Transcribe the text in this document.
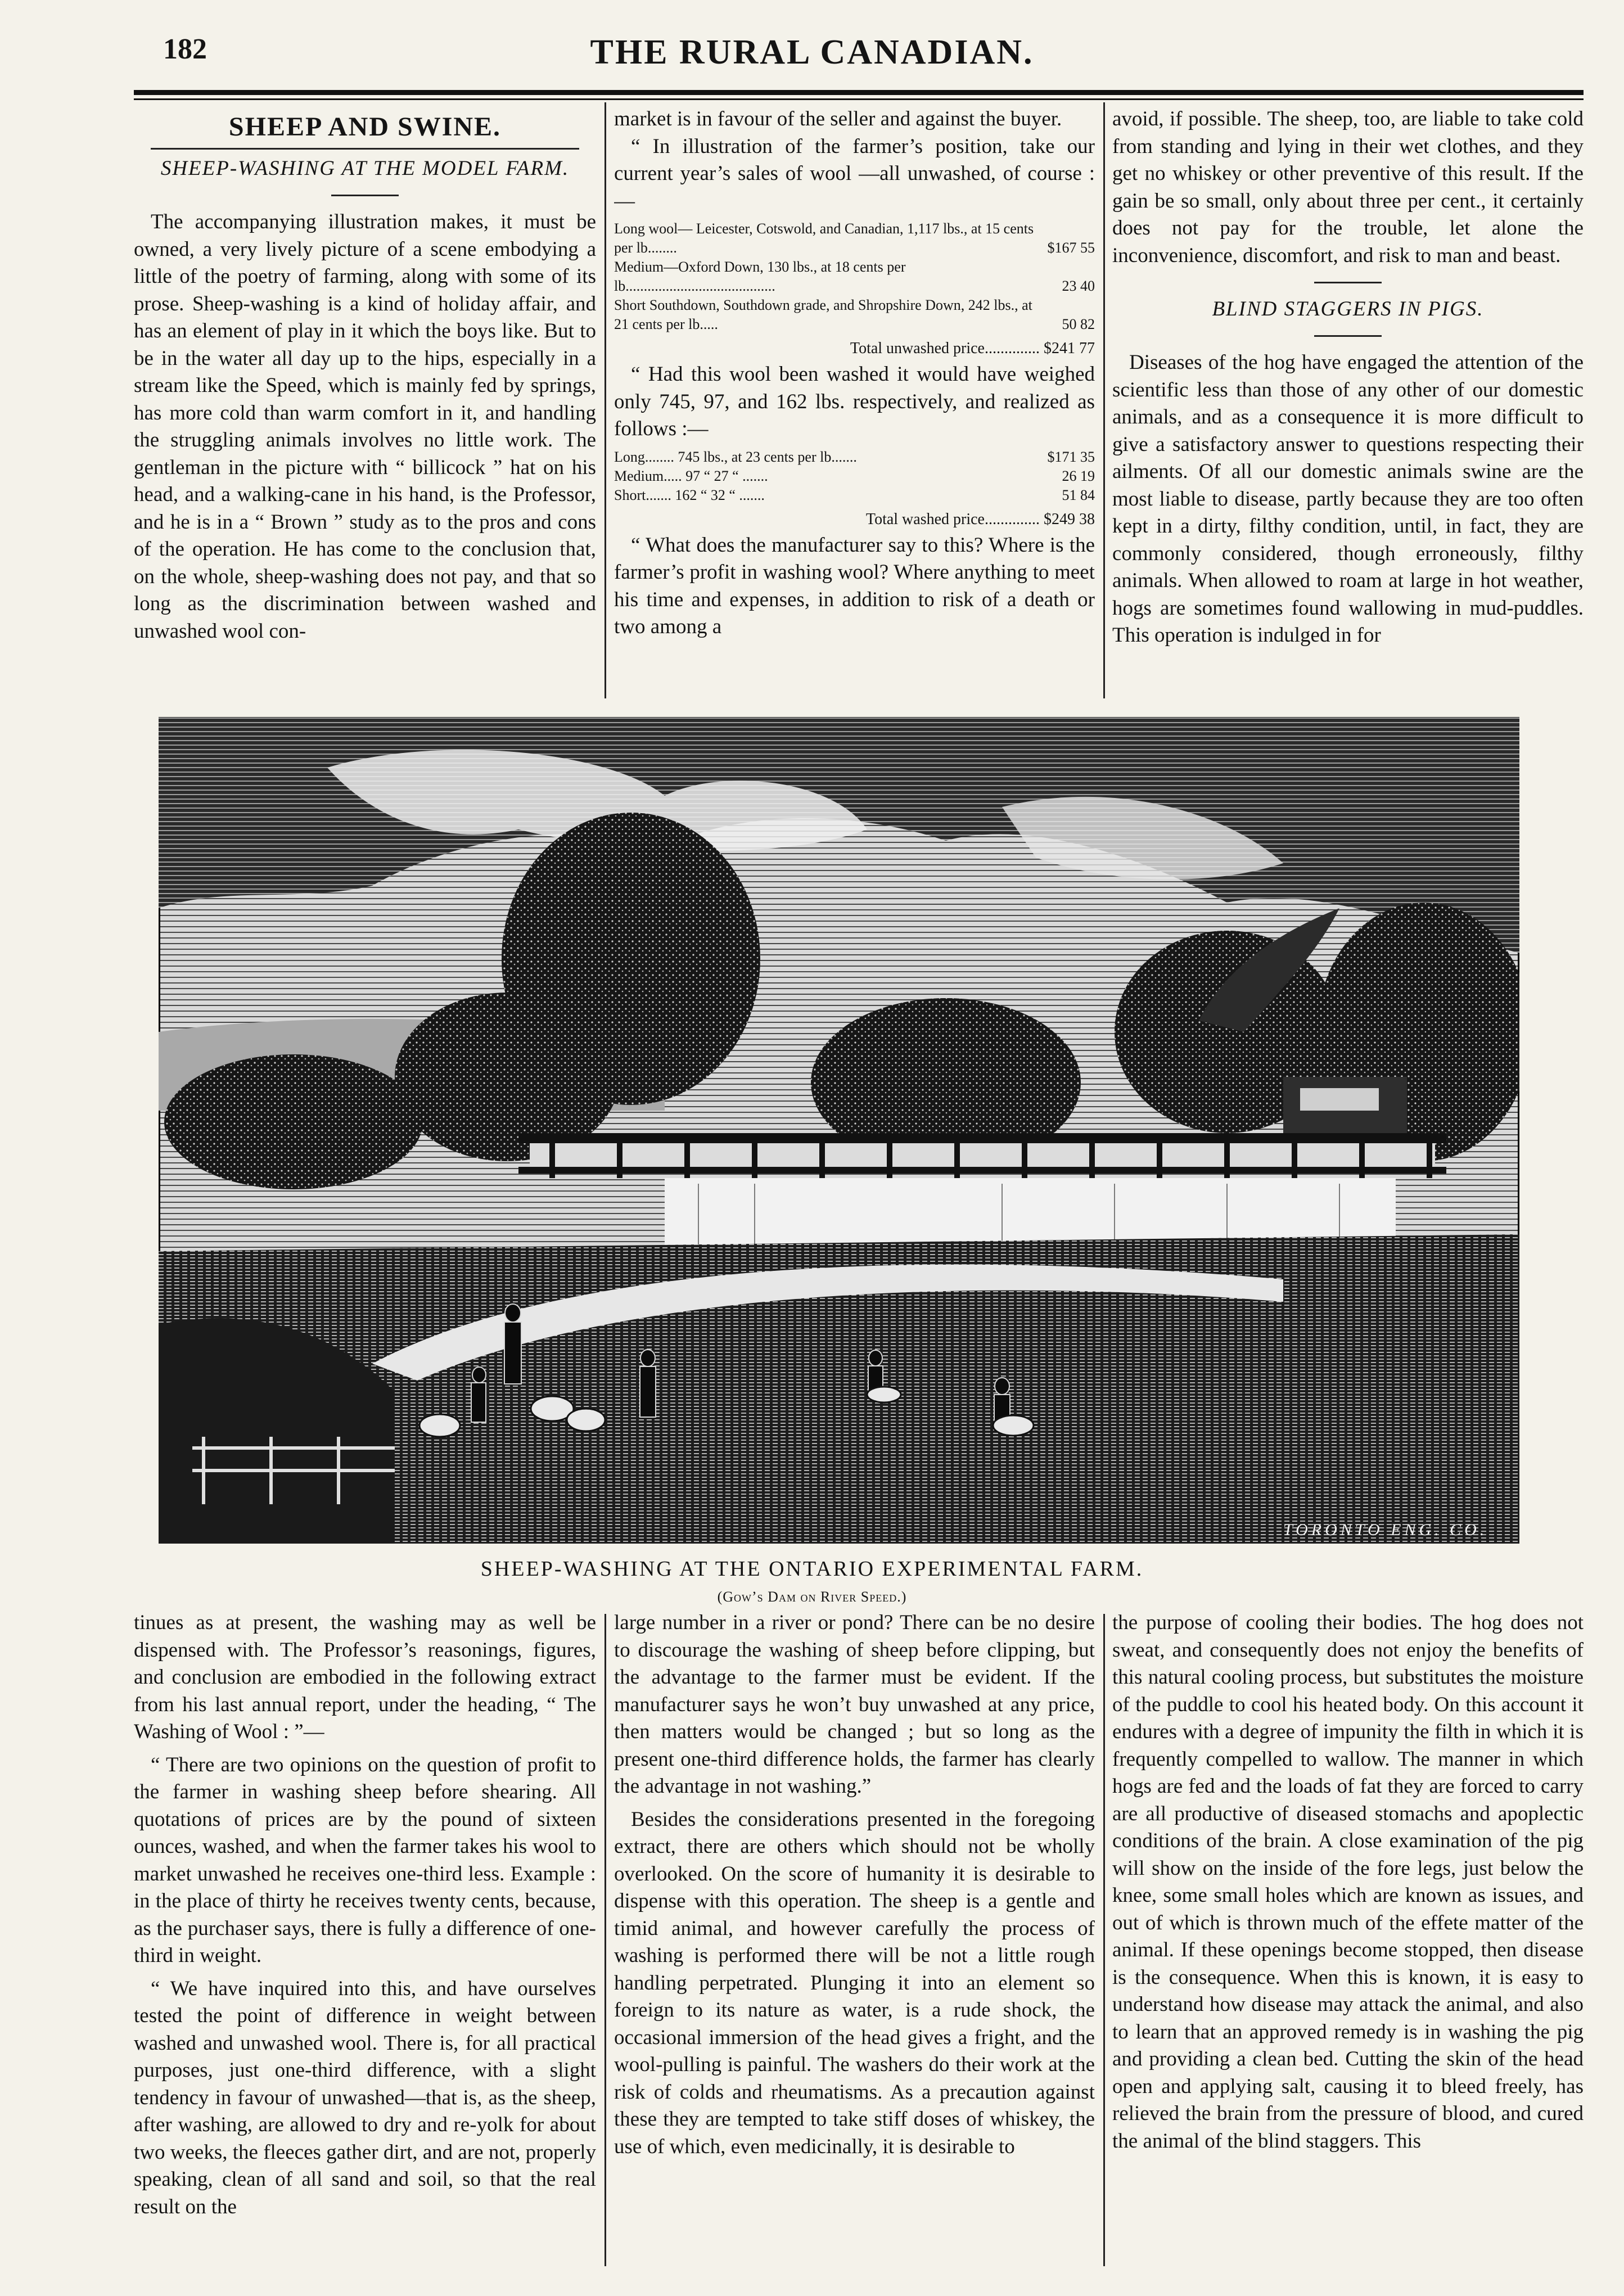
182	THE RURAL CANADIAN.
SHEEP AND SWINE.
SHEEP-WASHING AT THE MODEL FARM.

The accompanying illustration makes, it must be owned, a very lively picture of a scene embodying a little of the poetry of farming, along with some of its prose. Sheep-washing is a kind of holiday affair, and has an element of play in it which the boys like. But to be in the water all day up to the hips, especially in a stream like the Speed, which is mainly fed by springs, has more cold than warm comfort in it, and handling the struggling animals involves no little work. The gentleman in the picture with “ billicock ” hat on his head, and a walking-cane in his hand, is the Professor, and he is in a “ Brown ” study as to the pros and cons of the operation. He has come to the conclusion that, on the whole, sheep-washing does not pay, and that so long as the discrimination between washed and unwashed wool con-

market is in favour of the seller and against the buyer.

“ In illustration of the farmer’s position, take our current year’s sales of wool —all unwashed, of course :—

Long wool— Leicester, Cotswold, and Canadian, 1,117 lbs., at 15 cents per lb........	$167 55
Medium—Oxford Down, 130 lbs., at 18 cents per lb.........................................	23 40
Short Southdown, Southdown grade, and Shropshire Down, 242 lbs., at 21 cents per lb.....	50 82
Total unwashed price.............. $241 77

“ Had this wool been washed it would have weighed only 745, 97, and 162 lbs. respectively, and realized as follows :—

Long........ 745 lbs., at 23 cents per lb.......	$171 35
Medium..... 97 “ 27 “ .......	26 19
Short....... 162 “ 32 “ .......	51 84
Total washed price.............. $249 38

“ What does the manufacturer say to this? Where is the farmer’s profit in washing wool? Where anything to meet his time and expenses, in addition to risk of a death or two among a

avoid, if possible. The sheep, too, are liable to take cold from standing and lying in their wet clothes, and they get no whiskey or other preventive of this result. If the gain be so small, only about three per cent., it certainly does not pay for the trouble, let alone the inconvenience, discomfort, and risk to man and beast.

BLIND STAGGERS IN PIGS.

Diseases of the hog have engaged the attention of the scientific less than those of any other of our domestic animals, and as a consequence it is more difficult to give a satisfactory answer to questions respecting their ailments. Of all our domestic animals swine are the most liable to disease, partly because they are too often kept in a dirty, filthy condition, until, in fact, they are commonly considered, though erroneously, filthy animals. When allowed to roam at large in hot weather, hogs are sometimes found wallowing in mud-puddles. This operation is indulged in for

TORONTO ENG. CO.
SHEEP-WASHING AT THE ONTARIO EXPERIMENTAL FARM.
(Gow’s Dam on River Speed.)

tinues as at present, the washing may as well be dispensed with. The Professor’s reasonings, figures, and conclusion are embodied in the following extract from his last annual report, under the heading, “ The Washing of Wool : ”—

“ There are two opinions on the question of profit to the farmer in washing sheep before shearing. All quotations of prices are by the pound of sixteen ounces, washed, and when the farmer takes his wool to market unwashed he receives one-third less. Example : in the place of thirty he receives twenty cents, because, as the purchaser says, there is fully a difference of one-third in weight.

“ We have inquired into this, and have ourselves tested the point of difference in weight between washed and unwashed wool. There is, for all practical purposes, just one-third difference, with a slight tendency in favour of unwashed—that is, as the sheep, after washing, are allowed to dry and re-yolk for about two weeks, the fleeces gather dirt, and are not, properly speaking, clean of all sand and soil, so that the real result on the

large number in a river or pond? There can be no desire to discourage the washing of sheep before clipping, but the advantage to the farmer must be evident. If the manufacturer says he won’t buy unwashed at any price, then matters would be changed ; but so long as the present one-third difference holds, the farmer has clearly the advantage in not washing.”

Besides the considerations presented in the foregoing extract, there are others which should not be wholly overlooked. On the score of humanity it is desirable to dispense with this operation. The sheep is a gentle and timid animal, and however carefully the process of washing is performed there will be not a little rough handling perpetrated. Plunging it into an element so foreign to its nature as water, is a rude shock, the occasional immersion of the head gives a fright, and the wool-pulling is painful. The washers do their work at the risk of colds and rheumatisms. As a precaution against these they are tempted to take stiff doses of whiskey, the use of which, even medicinally, it is desirable to

the purpose of cooling their bodies. The hog does not sweat, and consequently does not enjoy the benefits of this natural cooling process, but substitutes the moisture of the puddle to cool his heated body. On this account it endures with a degree of impunity the filth in which it is frequently compelled to wallow. The manner in which hogs are fed and the loads of fat they are forced to carry are all productive of diseased stomachs and apoplectic conditions of the brain. A close examination of the pig will show on the inside of the fore legs, just below the knee, some small holes which are known as issues, and out of which is thrown much of the effete matter of the animal. If these openings become stopped, then disease is the consequence. When this is known, it is easy to understand how disease may attack the animal, and also to learn that an approved remedy is in washing the pig and providing a clean bed. Cutting the skin of the head open and applying salt, causing it to bleed freely, has relieved the brain from the pressure of blood, and cured the animal of the blind staggers. This
